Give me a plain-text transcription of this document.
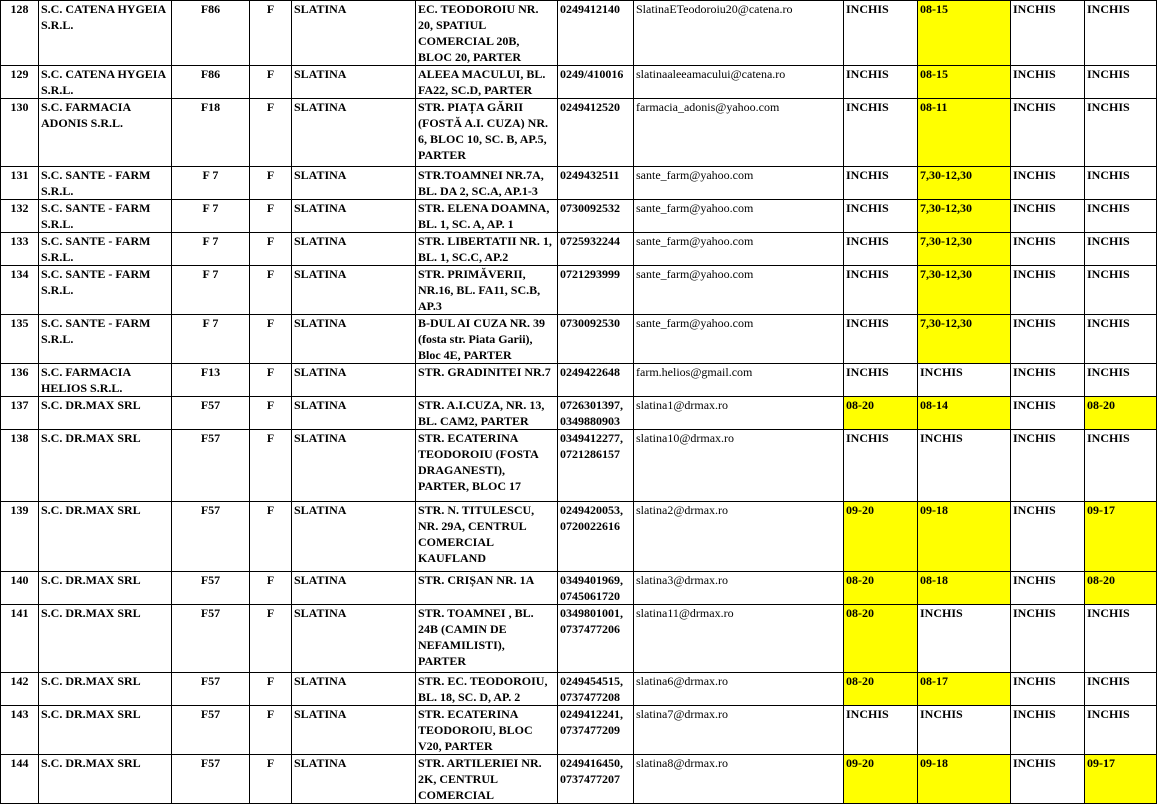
128	S.C. CATENA HYGEIA S.R.L.	F86	F	SLATINA	EC. TEODOROIU NR. 20, SPATIUL COMERCIAL 20B, BLOC 20, PARTER	0249412140	SlatinaETeodoroiu20@catena.ro	INCHIS	08-15	INCHIS	INCHIS
129	S.C. CATENA HYGEIA S.R.L.	F86	F	SLATINA	ALEEA MACULUI, BL. FA22, SC.D, PARTER	0249/410016	slatinaaleeamacului@catena.ro	INCHIS	08-15	INCHIS	INCHIS
130	S.C. FARMACIA ADONIS S.R.L.	F18	F	SLATINA	STR. PIAȚA GĂRII (FOSTĂ A.I. CUZA) NR. 6, BLOC 10, SC. B, AP.5, PARTER	0249412520	farmacia_adonis@yahoo.com	INCHIS	08-11	INCHIS	INCHIS
131	S.C. SANTE - FARM S.R.L.	F 7	F	SLATINA	STR.TOAMNEI NR.7A, BL. DA 2, SC.A, AP.1-3	0249432511	sante_farm@yahoo.com	INCHIS	7,30-12,30	INCHIS	INCHIS
132	S.C. SANTE - FARM S.R.L.	F 7	F	SLATINA	STR. ELENA DOAMNA, BL. 1, SC. A, AP. 1	0730092532	sante_farm@yahoo.com	INCHIS	7,30-12,30	INCHIS	INCHIS
133	S.C. SANTE - FARM S.R.L.	F 7	F	SLATINA	STR. LIBERTATII NR. 1, BL. 1, SC.C, AP.2	0725932244	sante_farm@yahoo.com	INCHIS	7,30-12,30	INCHIS	INCHIS
134	S.C. SANTE - FARM S.R.L.	F 7	F	SLATINA	STR. PRIMĂVERII, NR.16, BL. FA11, SC.B, AP.3	0721293999	sante_farm@yahoo.com	INCHIS	7,30-12,30	INCHIS	INCHIS
135	S.C. SANTE - FARM S.R.L.	F 7	F	SLATINA	B-DUL AI CUZA NR. 39 (fosta str. Piata Garii), Bloc 4E, PARTER	0730092530	sante_farm@yahoo.com	INCHIS	7,30-12,30	INCHIS	INCHIS
136	S.C. FARMACIA HELIOS S.R.L.	F13	F	SLATINA	STR. GRADINITEI NR.7	0249422648	farm.helios@gmail.com	INCHIS	INCHIS	INCHIS	INCHIS
137	S.C. DR.MAX SRL	F57	F	SLATINA	STR. A.I.CUZA, NR. 13, BL. CAM2, PARTER	0726301397, 0349880903	slatina1@drmax.ro	08-20	08-14	INCHIS	08-20
138	S.C. DR.MAX SRL	F57	F	SLATINA	STR. ECATERINA TEODOROIU (FOSTA DRAGANESTI), PARTER, BLOC 17	0349412277, 0721286157	slatina10@drmax.ro	INCHIS	INCHIS	INCHIS	INCHIS
139	S.C. DR.MAX SRL	F57	F	SLATINA	STR. N. TITULESCU, NR. 29A, CENTRUL COMERCIAL KAUFLAND	0249420053, 0720022616	slatina2@drmax.ro	09-20	09-18	INCHIS	09-17
140	S.C. DR.MAX SRL	F57	F	SLATINA	STR. CRIȘAN NR. 1A	0349401969, 0745061720	slatina3@drmax.ro	08-20	08-18	INCHIS	08-20
141	S.C. DR.MAX SRL	F57	F	SLATINA	STR. TOAMNEI , BL. 24B (CAMIN DE NEFAMILISTI), PARTER	0349801001, 0737477206	slatina11@drmax.ro	08-20	INCHIS	INCHIS	INCHIS
142	S.C. DR.MAX SRL	F57	F	SLATINA	STR. EC. TEODOROIU, BL. 18, SC. D, AP. 2	0249454515, 0737477208	slatina6@drmax.ro	08-20	08-17	INCHIS	INCHIS
143	S.C. DR.MAX SRL	F57	F	SLATINA	STR. ECATERINA TEODOROIU, BLOC V20, PARTER	0249412241, 0737477209	slatina7@drmax.ro	INCHIS	INCHIS	INCHIS	INCHIS
144	S.C. DR.MAX SRL	F57	F	SLATINA	STR. ARTILERIEI NR. 2K, CENTRUL COMERCIAL	0249416450, 0737477207	slatina8@drmax.ro	09-20	09-18	INCHIS	09-17
